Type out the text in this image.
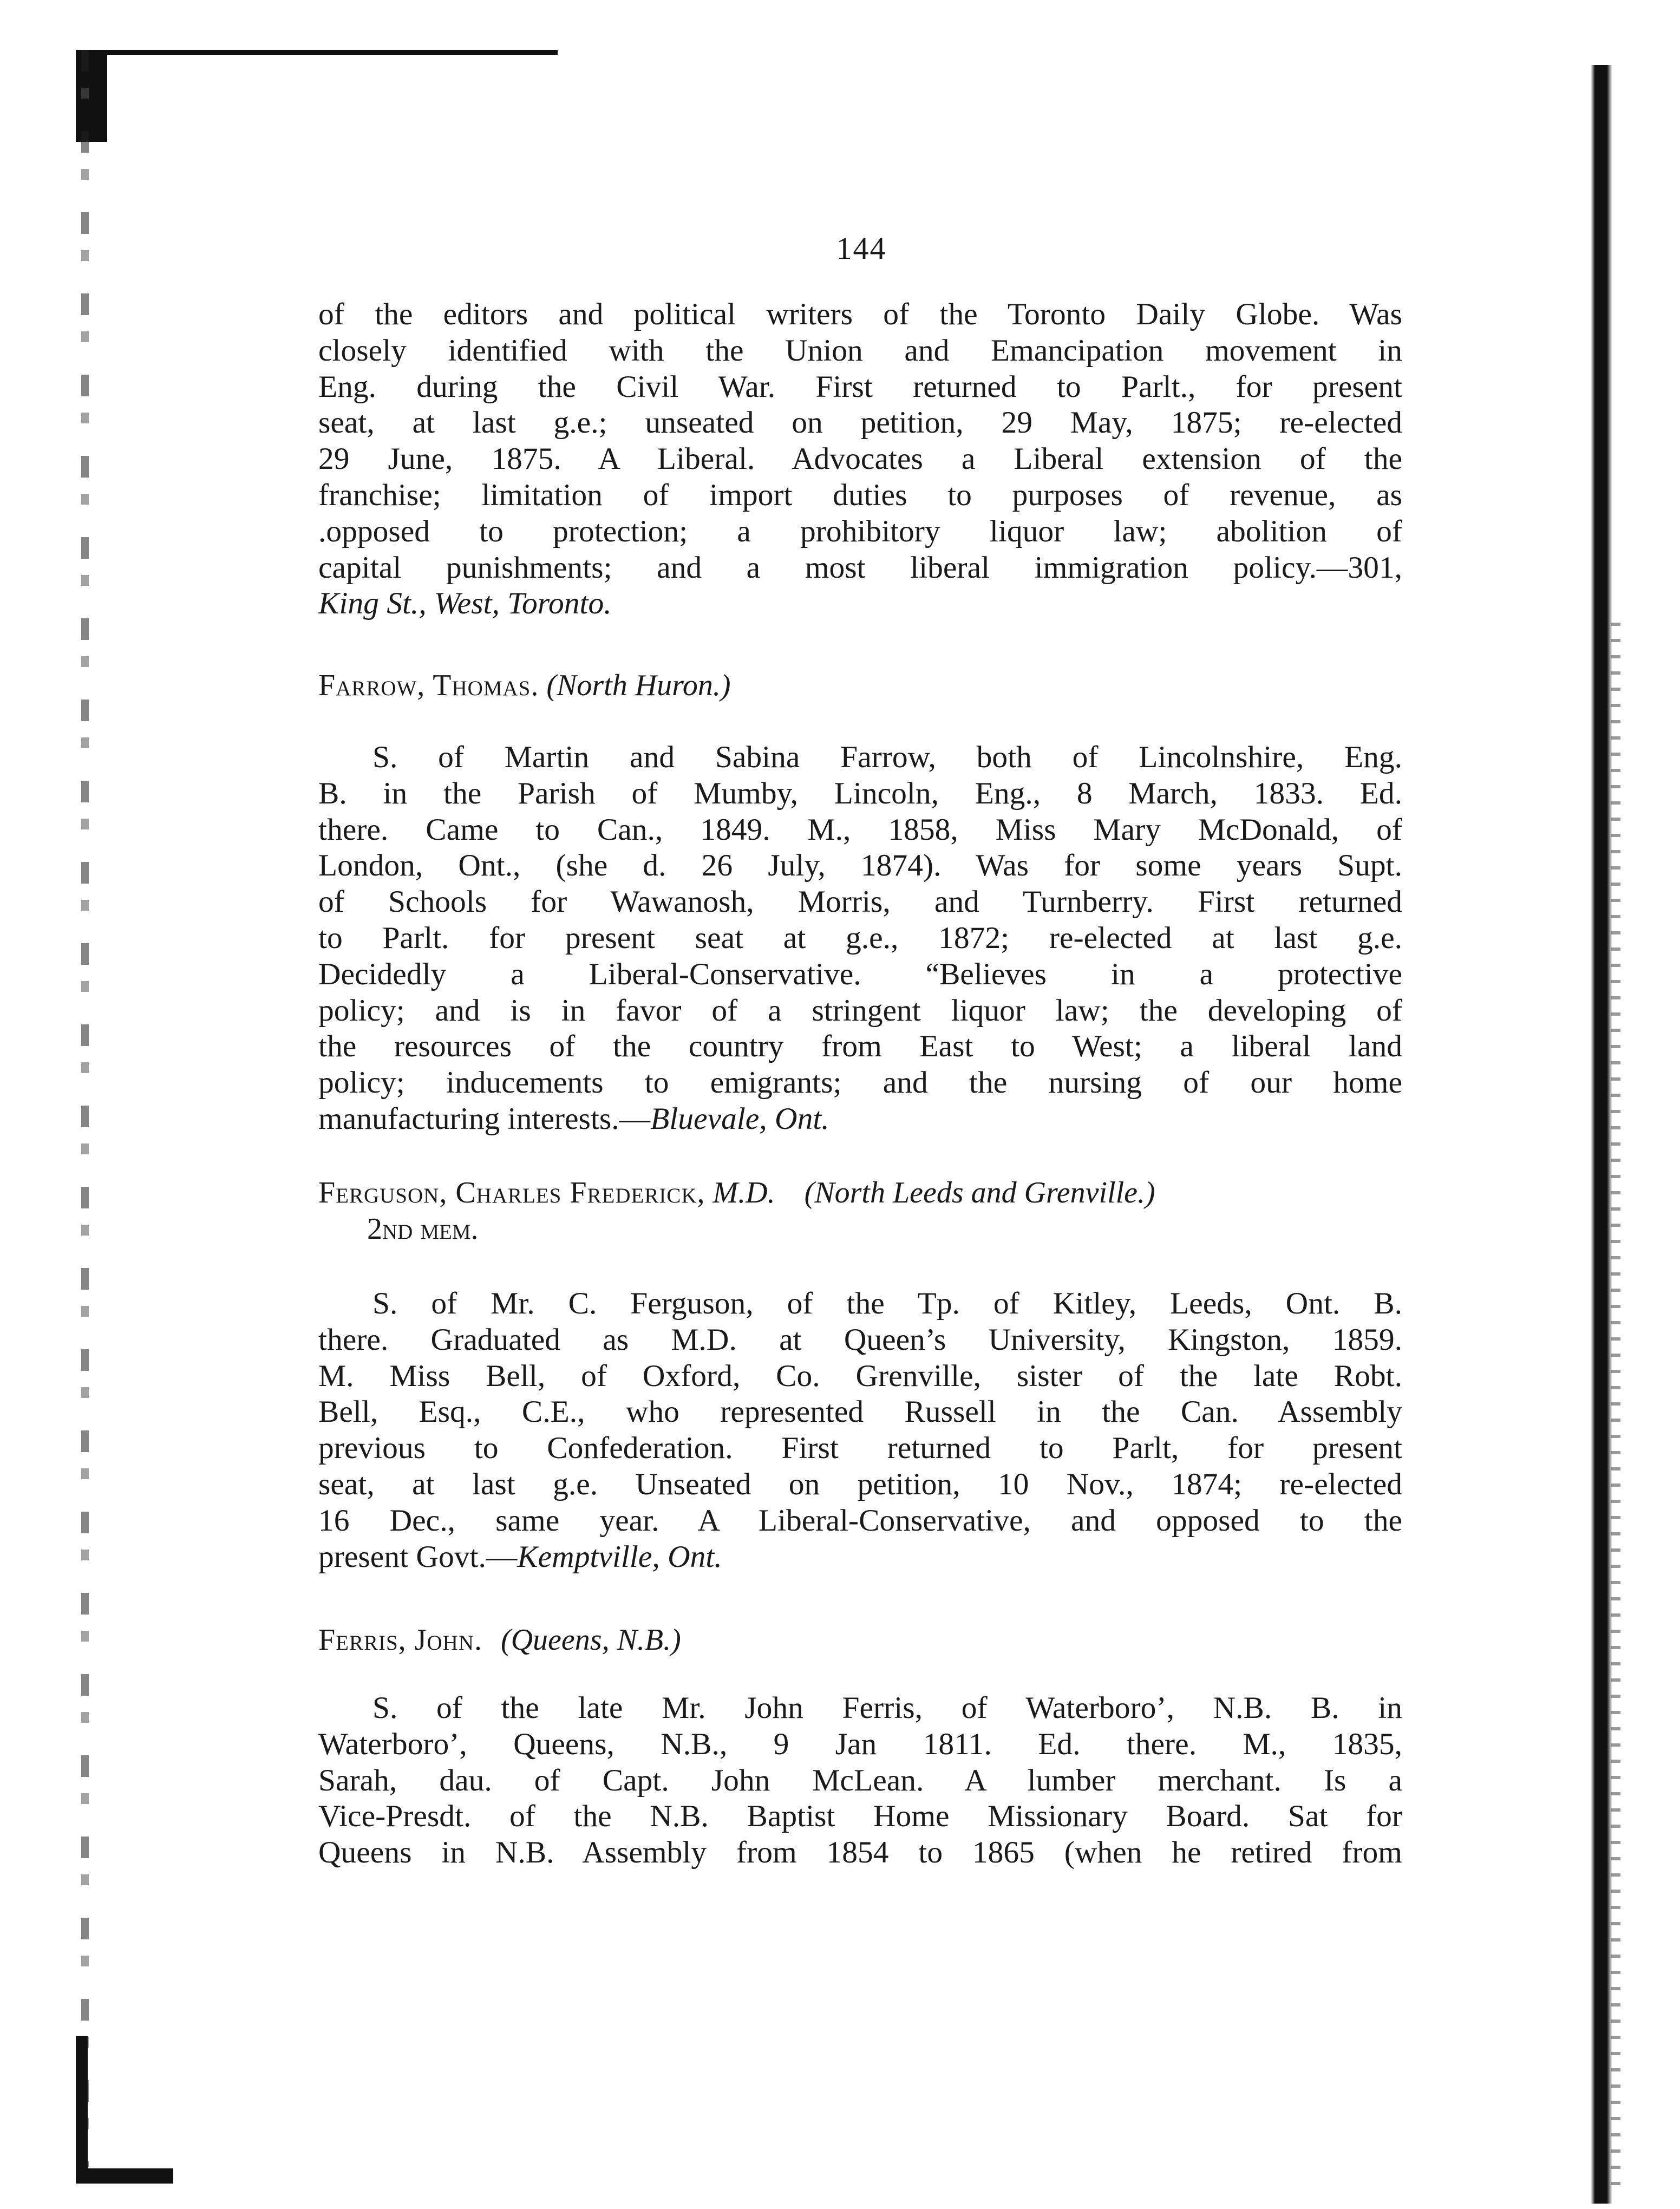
144

of the editors and political writers of the Toronto Daily Globe. Was

closely identified with the Union and Emancipation movement in

Eng. during the Civil War. First returned to Parlt., for present

seat, at last g.e.; unseated on petition, 29 May, 1875; re-elected

29 June, 1875. A Liberal. Advocates a Liberal extension of the

franchise; limitation of import duties to purposes of revenue, as

.opposed to protection; a prohibitory liquor law; abolition of

capital punishments; and a most liberal immigration policy.—301,

King St., West, Toronto.

Farrow, Thomas. (North Huron.)

S. of Martin and Sabina Farrow, both of Lincolnshire, Eng.

B. in the Parish of Mumby, Lincoln, Eng., 8 March, 1833. Ed.

there. Came to Can., 1849. M., 1858, Miss Mary McDonald, of

London, Ont., (she d. 26 July, 1874). Was for some years Supt.

of Schools for Wawanosh, Morris, and Turnberry. First returned

to Parlt. for present seat at g.e., 1872; re-elected at last g.e.

Decidedly a Liberal-Conservative. “Believes in a protective

policy; and is in favor of a stringent liquor law; the developing of

the resources of the country from East to West; a liberal land

policy; inducements to emigrants; and the nursing of our home

manufacturing interests.—Bluevale, Ont.

Ferguson, Charles Frederick, M.D. (North Leeds and Grenville.)
2nd mem.

S. of Mr. C. Ferguson, of the Tp. of Kitley, Leeds, Ont. B.

there. Graduated as M.D. at Queen’s University, Kingston, 1859.

M. Miss Bell, of Oxford, Co. Grenville, sister of the late Robt.

Bell, Esq., C.E., who represented Russell in the Can. Assembly

previous to Confederation. First returned to Parlt, for present

seat, at last g.e. Unseated on petition, 10 Nov., 1874; re-elected

16 Dec., same year. A Liberal-Conservative, and opposed to the

present Govt.—Kemptville, Ont.

Ferris, John. (Queens, N.B.)

S. of the late Mr. John Ferris, of Waterboro’, N.B. B. in

Waterboro’, Queens, N.B., 9 Jan 1811. Ed. there. M., 1835,

Sarah, dau. of Capt. John McLean. A lumber merchant. Is a

Vice-Presdt. of the N.B. Baptist Home Missionary Board. Sat for

Queens in N.B. Assembly from 1854 to 1865 (when he retired from
